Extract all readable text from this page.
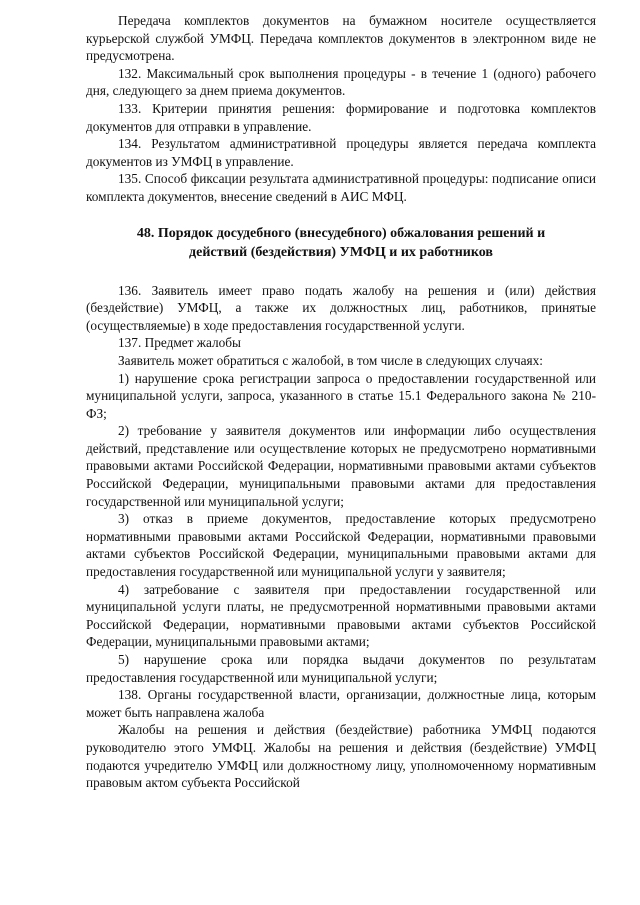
Передача комплектов документов на бумажном носителе осуществляется курьерской службой УМФЦ. Передача комплектов документов в электронном виде не предусмотрена.

132. Максимальный срок выполнения процедуры - в течение 1 (одного) рабочего дня, следующего за днем приема документов.

133. Критерии принятия решения: формирование и подготовка комплектов документов для отправки в управление.

134. Результатом административной процедуры является передача комплекта документов из УМФЦ в управление.

135. Способ фиксации результата административной процедуры: подписание описи комплекта документов, внесение сведений в АИС МФЦ.

48. Порядок досудебного (внесудебного) обжалования решений и
действий (бездействия) УМФЦ и их работников

136. Заявитель имеет право подать жалобу на решения и (или) действия (бездействие) УМФЦ, а также их должностных лиц, работников, принятые (осуществляемые) в ходе предоставления государственной услуги.

137. Предмет жалобы

Заявитель может обратиться с жалобой, в том числе в следующих случаях:

1) нарушение срока регистрации запроса о предоставлении государственной или муниципальной услуги, запроса, указанного в статье 15.1 Федерального закона № 210-ФЗ;

2) требование у заявителя документов или информации либо осуществления действий, представление или осуществление которых не предусмотрено нормативными правовыми актами Российской Федерации, нормативными правовыми актами субъектов Российской Федерации, муниципальными правовыми актами для предоставления государственной или муниципальной услуги;

3) отказ в приеме документов, предоставление которых предусмотрено нормативными правовыми актами Российской Федерации, нормативными правовыми актами субъектов Российской Федерации, муниципальными правовыми актами для предоставления государственной или муниципальной услуги у заявителя;

4) затребование с заявителя при предоставлении государственной или муниципальной услуги платы, не предусмотренной нормативными правовыми актами Российской Федерации, нормативными правовыми актами субъектов Российской Федерации, муниципальными правовыми актами;

5) нарушение срока или порядка выдачи документов по результатам предоставления государственной или муниципальной услуги;

138. Органы государственной власти, организации, должностные лица, которым может быть направлена жалоба

Жалобы на решения и действия (бездействие) работника УМФЦ подаются руководителю этого УМФЦ. Жалобы на решения и действия (бездействие) УМФЦ подаются учредителю УМФЦ или должностному лицу, уполномоченному нормативным правовым актом субъекта Российской
